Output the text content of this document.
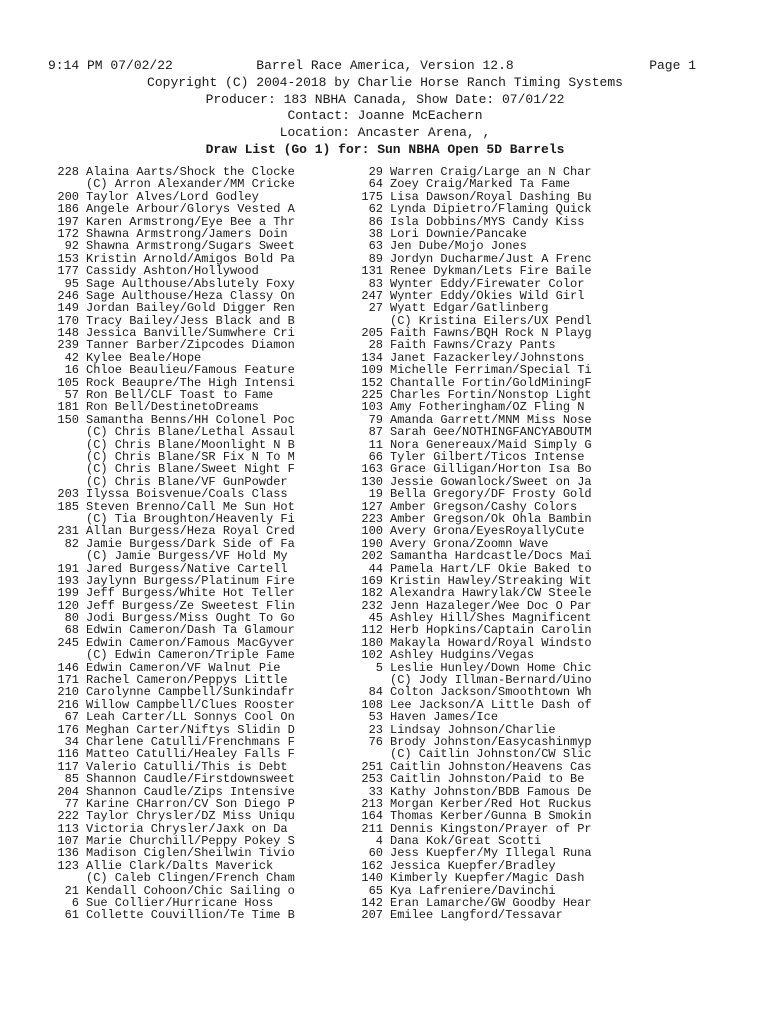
9:14 PM 07/02/22	Barrel Race America, Version 12.8	Page 1
Copyright (C) 2004-2018 by Charlie Horse Ranch Timing Systems
Producer: 183 NBHA Canada, Show Date: 07/01/22
Contact: Joanne McEachern
Location: Ancaster Arena, ,
Draw List (Go 1) for: Sun NBHA Open 5D Barrels
228 Alaina Aarts/Shock the Clocke
(C) Arron Alexander/MM Cricke
200 Taylor Alves/Lord Godley
186 Angele Arbour/Glorys Vested A
197 Karen Armstrong/Eye Bee a Thr
172 Shawna Armstrong/Jamers Doin
92 Shawna Armstrong/Sugars Sweet
153 Kristin Arnold/Amigos Bold Pa
177 Cassidy Ashton/Hollywood
95 Sage Aulthouse/Abslutely Foxy
246 Sage Aulthouse/Heza Classy On
149 Jordan Bailey/Gold Digger Ren
170 Tracy Bailey/Jess Black and B
148 Jessica Banville/Sumwhere Cri
239 Tanner Barber/Zipcodes Diamon
42 Kylee Beale/Hope
16 Chloe Beaulieu/Famous Feature
105 Rock Beaupre/The High Intensi
57 Ron Bell/CLF Toast to Fame
181 Ron Bell/DestinetoDreams
150 Samantha Benns/HH Colonel Poc
(C) Chris Blane/Lethal Assaul
(C) Chris Blane/Moonlight N B
(C) Chris Blane/SR Fix N To M
(C) Chris Blane/Sweet Night F
(C) Chris Blane/VF GunPowder
203 Ilyssa Boisvenue/Coals Class
185 Steven Brenno/Call Me Sun Hot
(C) Tia Broughton/Heavenly Fi
231 Allan Burgess/Heza Royal Cred
82 Jamie Burgess/Dark Side of Fa
(C) Jamie Burgess/VF Hold My
191 Jared Burgess/Native Cartell
193 Jaylynn Burgess/Platinum Fire
199 Jeff Burgess/White Hot Teller
120 Jeff Burgess/Ze Sweetest Flin
80 Jodi Burgess/Miss Ought To Go
68 Edwin Cameron/Dash Ta Glamour
245 Edwin Cameron/Famous MacGyver
(C) Edwin Cameron/Triple Fame
146 Edwin Cameron/VF Walnut Pie
171 Rachel Cameron/Peppys Little
210 Carolynne Campbell/Sunkindafr
216 Willow Campbell/Clues Rooster
67 Leah Carter/LL Sonnys Cool On
176 Meghan Carter/Niftys Slidin D
34 Charlene Catulli/Frenchmans F
116 Matteo Catulli/Healey Falls F
117 Valerio Catulli/This is Debt
85 Shannon Caudle/Firstdownsweet
204 Shannon Caudle/Zips Intensive
77 Karine CHarron/CV Son Diego P
222 Taylor Chrysler/DZ Miss Uniqu
113 Victoria Chrysler/Jaxk on Da
107 Marie Churchill/Peppy Pokey S
136 Madison Ciglen/Sheilwin Tivio
123 Allie Clark/Dalts Maverick
(C) Caleb Clingen/French Cham
21 Kendall Cohoon/Chic Sailing o
6 Sue Collier/Hurricane Hoss
61 Collette Couvillion/Te Time B
29 Warren Craig/Large an N Char
64 Zoey Craig/Marked Ta Fame
175 Lisa Dawson/Royal Dashing Bu
62 Lynda Dipietro/Flaming Quick
86 Isla Dobbins/MYS Candy Kiss
38 Lori Downie/Pancake
63 Jen Dube/Mojo Jones
89 Jordyn Ducharme/Just A Frenc
131 Renee Dykman/Lets Fire Baile
83 Wynter Eddy/Firewater Color
247 Wynter Eddy/Okies Wild Girl
27 Wyatt Edgar/Gatlinberg
(C) Kristina Eilers/UX Pendl
205 Faith Fawns/BQH Rock N Playg
28 Faith Fawns/Crazy Pants
134 Janet Fazackerley/Johnstons
109 Michelle Ferriman/Special Ti
152 Chantalle Fortin/GoldMiningF
225 Charles Fortin/Nonstop Light
103 Amy Fotheringham/OZ Fling N
79 Amanda Garrett/MNM Miss Nose
87 Sarah Gee/NOTHINGFANCYABOUTM
11 Nora Genereaux/Maid Simply G
66 Tyler Gilbert/Ticos Intense
163 Grace Gilligan/Horton Isa Bo
130 Jessie Gowanlock/Sweet on Ja
19 Bella Gregory/DF Frosty Gold
127 Amber Gregson/Cashy Colors
223 Amber Gregson/Ok Ohla Bambin
100 Avery Grona/EyesRoyallyCute
190 Avery Grona/Zoomn Wave
202 Samantha Hardcastle/Docs Mai
44 Pamela Hart/LF Okie Baked to
169 Kristin Hawley/Streaking Wit
182 Alexandra Hawrylak/CW Steele
232 Jenn Hazaleger/Wee Doc O Par
45 Ashley Hill/Shes Magnificent
112 Herb Hopkins/Captain Carolin
180 Makayla Howard/Royal Windsto
102 Ashley Hudgins/Vegas
5 Leslie Hunley/Down Home Chic
(C) Jody Illman-Bernard/Uino
84 Colton Jackson/Smoothtown Wh
108 Lee Jackson/A Little Dash of
53 Haven James/Ice
23 Lindsay Johnson/Charlie
76 Brody Johnston/Easycashinmyp
(C) Caitlin Johnston/CW Slic
251 Caitlin Johnston/Heavens Cas
253 Caitlin Johnston/Paid to Be
33 Kathy Johnston/BDB Famous De
213 Morgan Kerber/Red Hot Ruckus
164 Thomas Kerber/Gunna B Smokin
211 Dennis Kingston/Prayer of Pr
4 Dana Kok/Great Scotti
60 Jess Kuepfer/My Illegal Runa
162 Jessica Kuepfer/Bradley
140 Kimberly Kuepfer/Magic Dash
65 Kya Lafreniere/Davinchi
142 Eran Lamarche/GW Goodby Hear
207 Emilee Langford/Tessavar
